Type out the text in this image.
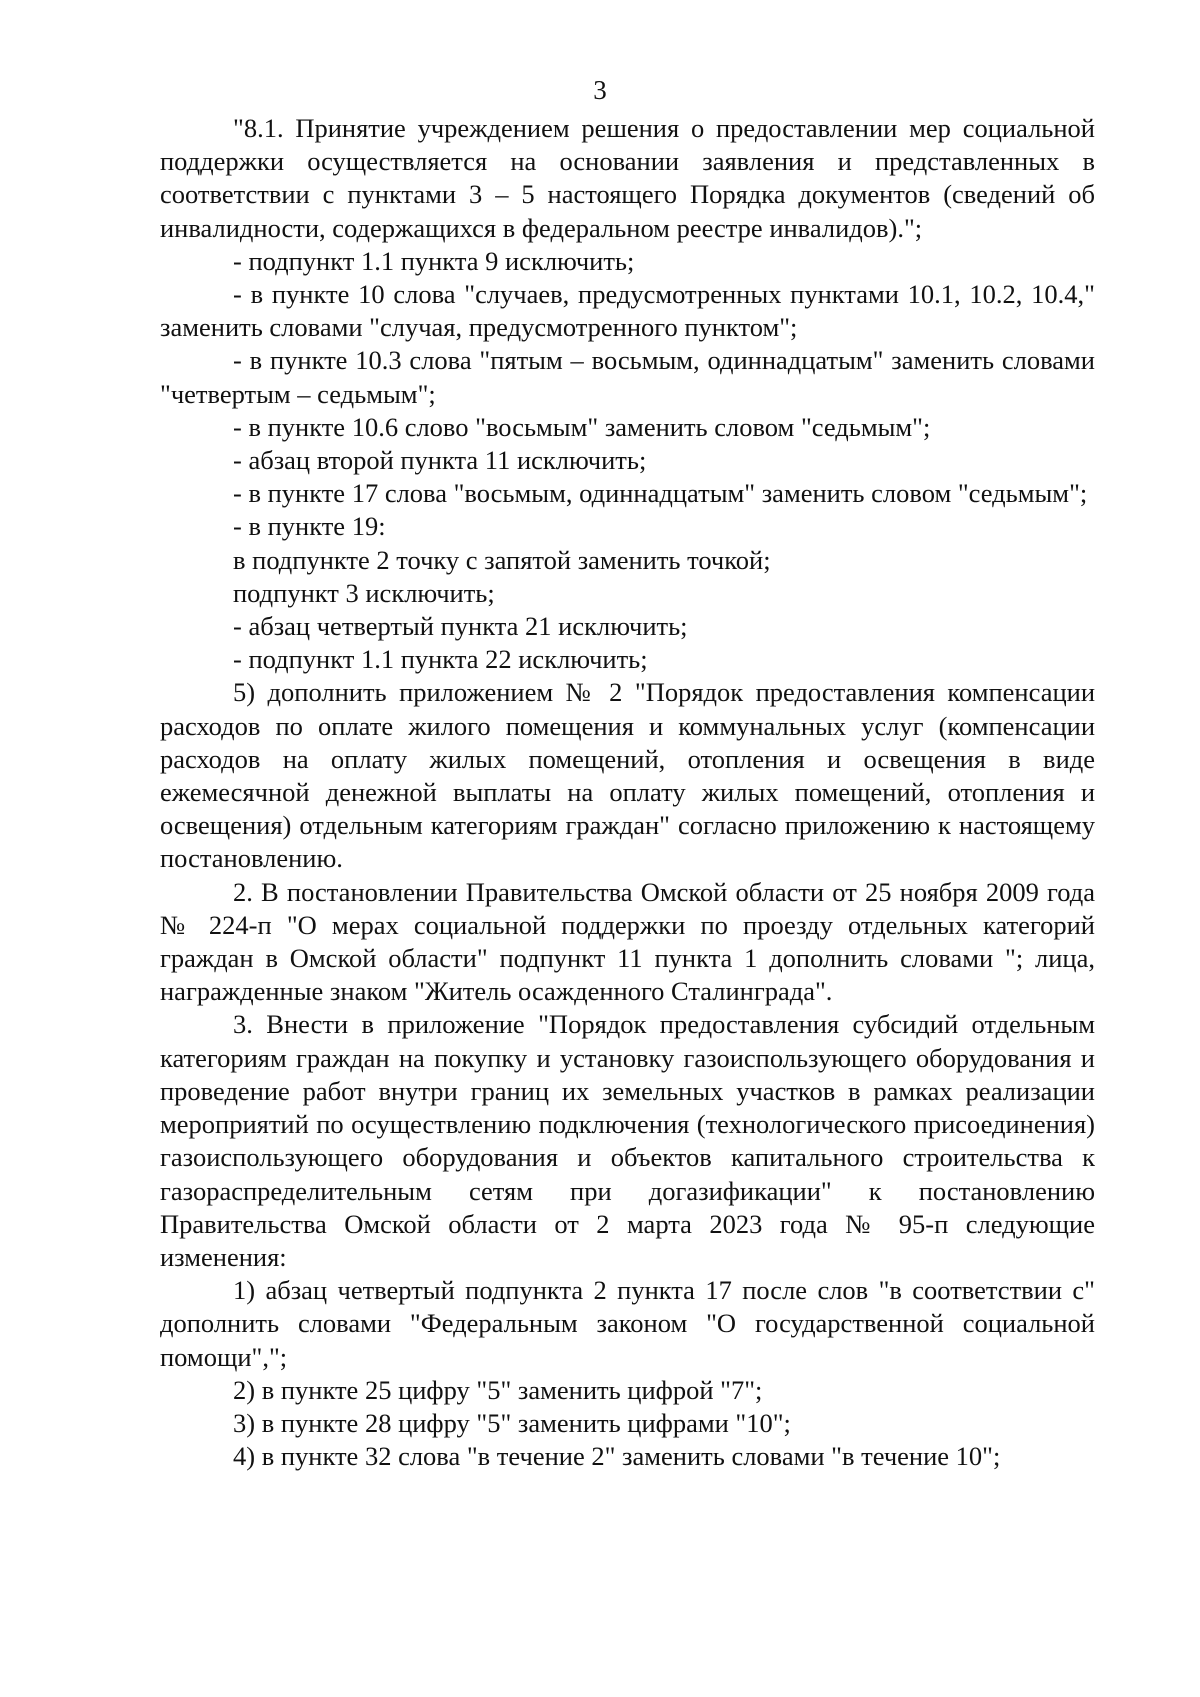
3

"8.1. Принятие учреждением решения о предоставлении мер социальной поддержки осуществляется на основании заявления и представленных в соответствии с пунктами 3 – 5 настоящего Порядка документов (сведений об инвалидности, содержащихся в федеральном реестре инвалидов).";

- подпункт 1.1 пункта 9 исключить;

- в пункте 10 слова "случаев, предусмотренных пунктами 10.1, 10.2, 10.4," заменить словами "случая, предусмотренного пунктом";

- в пункте 10.3 слова "пятым – восьмым, одиннадцатым" заменить словами "четвертым – седьмым";

- в пункте 10.6 слово "восьмым" заменить словом "седьмым";

- абзац второй пункта 11 исключить;

- в пункте 17 слова "восьмым, одиннадцатым" заменить словом "седьмым";

- в пункте 19:

в подпункте 2 точку с запятой заменить точкой;

подпункт 3 исключить;

- абзац четвертый пункта 21 исключить;

- подпункт 1.1 пункта 22 исключить;

5) дополнить приложением № 2 "Порядок предоставления компенсации расходов по оплате жилого помещения и коммунальных услуг (компенсации расходов на оплату жилых помещений, отопления и освещения в виде ежемесячной денежной выплаты на оплату жилых помещений, отопления и освещения) отдельным категориям граждан" согласно приложению к настоящему постановлению.

2. В постановлении Правительства Омской области от 25 ноября 2009 года № 224-п "О мерах социальной поддержки по проезду отдельных категорий граждан в Омской области" подпункт 11 пункта 1 дополнить словами "; лица, награжденные знаком "Житель осажденного Сталинграда".

3. Внести в приложение "Порядок предоставления субсидий отдельным категориям граждан на покупку и установку газоиспользующего оборудования и проведение работ внутри границ их земельных участков в рамках реализации мероприятий по осуществлению подключения (технологического присоединения) газоиспользующего оборудования и объектов капитального строительства к газораспределительным сетям при догазификации" к постановлению Правительства Омской области от 2 марта 2023 года № 95-п следующие изменения:

1) абзац четвертый подпункта 2 пункта 17 после слов "в соответствии с" дополнить словами "Федеральным законом "О государственной социальной помощи",";

2) в пункте 25 цифру "5" заменить цифрой "7";

3) в пункте 28 цифру "5" заменить цифрами "10";

4) в пункте 32 слова "в течение 2" заменить словами "в течение 10";
